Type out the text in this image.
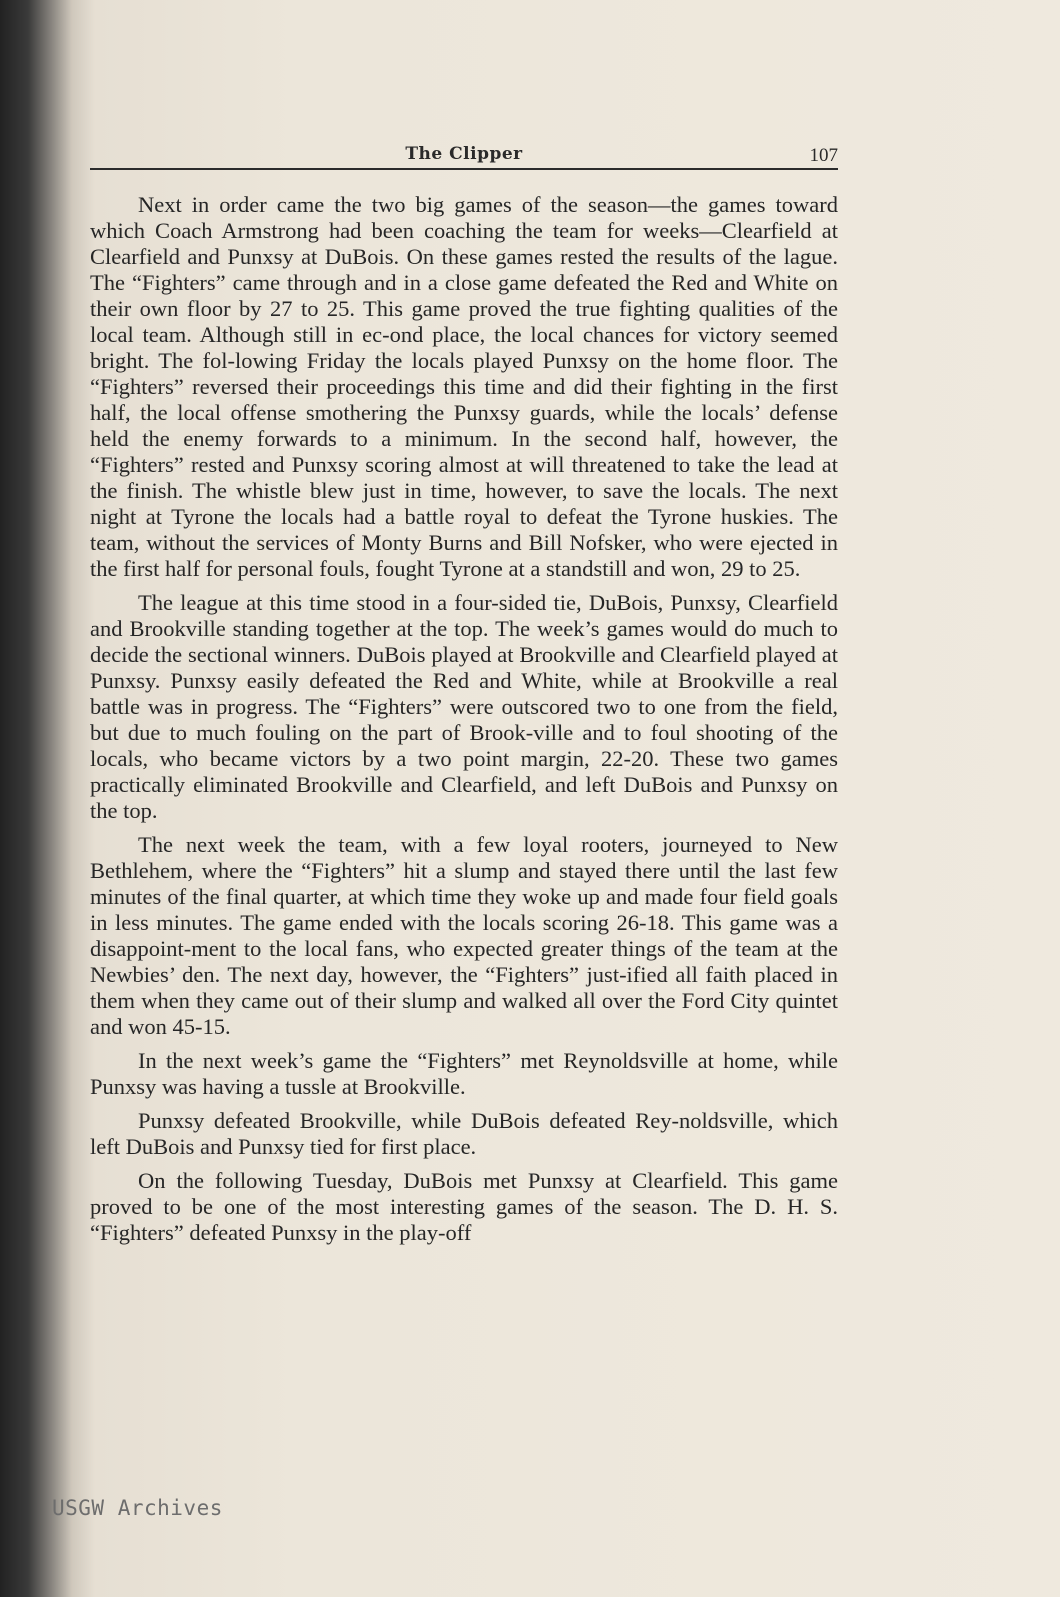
The Clipper	107

Next in order came the two big games of the season—the games toward which Coach Armstrong had been coaching the team for weeks—Clearfield at Clearfield and Punxsy at DuBois. On these games rested the results of the lague. The “Fighters” came through and in a close game defeated the Red and White on their own floor by 27 to 25. This game proved the true fighting qualities of the local team. Although still in ec-ond place, the local chances for victory seemed bright. The fol-lowing Friday the locals played Punxsy on the home floor. The “Fighters” reversed their proceedings this time and did their fighting in the first half, the local offense smothering the Punxsy guards, while the locals’ defense held the enemy forwards to a minimum. In the second half, however, the “Fighters” rested and Punxsy scoring almost at will threatened to take the lead at the finish. The whistle blew just in time, however, to save the locals. The next night at Tyrone the locals had a battle royal to defeat the Tyrone huskies. The team, without the services of Monty Burns and Bill Nofsker, who were ejected in the first half for personal fouls, fought Tyrone at a standstill and won, 29 to 25.

The league at this time stood in a four-sided tie, DuBois, Punxsy, Clearfield and Brookville standing together at the top. The week’s games would do much to decide the sectional winners. DuBois played at Brookville and Clearfield played at Punxsy. Punxsy easily defeated the Red and White, while at Brookville a real battle was in progress. The “Fighters” were outscored two to one from the field, but due to much fouling on the part of Brook-ville and to foul shooting of the locals, who became victors by a two point margin, 22-20. These two games practically eliminated Brookville and Clearfield, and left DuBois and Punxsy on the top.

The next week the team, with a few loyal rooters, journeyed to New Bethlehem, where the “Fighters” hit a slump and stayed there until the last few minutes of the final quarter, at which time they woke up and made four field goals in less minutes. The game ended with the locals scoring 26-18. This game was a disappoint-ment to the local fans, who expected greater things of the team at the Newbies’ den. The next day, however, the “Fighters” just-ified all faith placed in them when they came out of their slump and walked all over the Ford City quintet and won 45-15.

In the next week’s game the “Fighters” met Reynoldsville at home, while Punxsy was having a tussle at Brookville.

Punxsy defeated Brookville, while DuBois defeated Rey-noldsville, which left DuBois and Punxsy tied for first place.

On the following Tuesday, DuBois met Punxsy at Clearfield. This game proved to be one of the most interesting games of the season. The D. H. S. “Fighters” defeated Punxsy in the play-off

USGW Archives
